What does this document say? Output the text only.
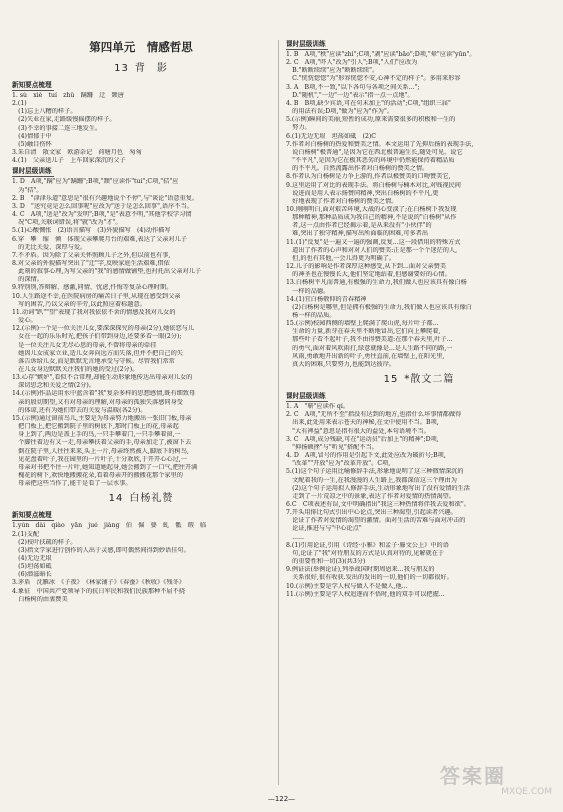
第四单元　情感哲思
13 背　影
新知要点梳理
1. sù　xiè　tuí　zhǔ　蹒跚　迂　颓唐
2.(1)
　(1)忘上八糟的样子。
　(2)失业在家,走路缓慢摇摆的样子。
　(3)不幸的事接二连三地发生。
　(4)情郁于中
　(5)触目伤怀
3.朱自清　散文家　欧游杂记　荷塘月色　匆匆
4.(1)　父亲送儿子　上车回家深沉的父子
课时层级训练
1. D　A项,"蹒"应为"蹒跚";B项,"颓"应读作"tuí";C项,"拮"应
　为"拮"。
2. B　"津津乐道"意思是"很有兴趣地说个不停",与"谈论"语意重复。
3. D　"送究竟是怎么回事呢"应改为"送于是怎么回事",语序不当。
4. C　A项,"送是"改为"发明";B项,"是"表意不明,"其他学校学习情
　况"C项,关联词错误,将"就"改为"才"。
5.(1)心酸惆怅　(2)语言描写　(3)外貌描写　(4)动作描写
6.穿　攀　缩　倾　体现父亲攀爬月台的艰难,表达了父亲对儿子
　的无比关爱、深厚与爱。
7.不矛盾。因为除了父亲关怀照顾儿子之外,但以前也有事,
8.对父亲的外貌描写突出了"迂"字,反映家庭生活艰难,借依
　此刻的叙事心理,为写父亲的"我"的感情做铺垫,也衬托出父亲对儿子
　的深情。
9.特别别,答辩解、感激,同情、忧虑,忏悔等复杂心理时期。
10.人生路途不幸,在医院病房的痛苦日子里,从现在感受到父亲
　写的困苦,乃以父亲的辛劳,以此照应着标题意。
11.动词"趴""望"表现了我对我依依不舍的情感及我对儿女的
　爱心。
12.(示例)一个是一位关注儿女,要深深探究的母亲(2分),她依恋与儿
　女在一起的乐乐时光,把孩子们带到身边,还要多看一眼(2分);
　是一位关注儿女无尽心思的母亲,不曾将母亲的牵挂
　她因儿女成家立业,适儿女奔向远方而失落,但并不把自己的失
　落告诉给儿女,而是默默无言地承受与守候。尽管我们常常
　在儿女身边默默关注我们的她的受过(2分)。
13.心存"嫉妒",看似不合常理,却能生动形象地传达出母亲对儿女的
　深切思念和关爱之情(2分)。
14.(示例)作品运用水中蓝含着"我"复杂多样的思想感情,既有细致母
　亲的殷切期望,又有对母亲的理解,对母亲的孤独失落感同身受
　的体谅,还有为她们带去的关爱与温暖(各2分)。
15.(示例)通过窗前鸟儿,主要是为母亲努力地搬出一张旧门板,母亲
　把门板上,把它搬到院子里的树底下,那时门板上的花,母亲起
　身上到了,两边是盖上手的鸟,一只手攀着门,一只手攀着窗,一
　个脚往着边有又一走,母亲攀扶着父亲的手,母亲加走了,被窗下去
　倒在院子里,人往往来来,头上一片,母亲终然被人,脚底下的树鸟,
　见花盘着叶子,我在园里的一片叶子,十分欢欣,于开开心心过,一
　母亲对书把不住一片叶,她知道她起身,她会搬到了一口气,把往开满
　槐花的树下,欢快地搬搬花朵,看着母亲开的搬搬花那个家里的
　母亲把这些当作了,能干是看了一层水事。
14 白杨礼赞
新知要点梳理
1.yún　dài　qiào　yān　jué　jiàng　伯　倔　婆　虬　骶　瑕　临
2.(1)支配
　(2)枝叶扶疏的样子。
　(3)指文学家进行创作的人出于灵感,即可偶然间得到妙语佳句。
　(4)无边无垠
　(5)坦荡如砥
　(6)潜滋暗长
3.茅盾　沈雁冰　《子夜》　《林家铺子》《春蚕》《秋收》《残冬》
4.象征　中国共产党领导下的抗日军民和我们民族那种不屈不挠
　白杨树的由衷赞美
课时层级训练
1. B　A项,"秩"应读"zhì";C项,"剥"应读"bāo";D项,"晕"应读"yūn"。
2. C　A项,"吓人"改为"引人";B项,"人们"应改为
　B."断断续续"应为"断断续续"。
　C."恍恍惚惚"为"形容恍惚不安,心神不定的样子"。多用来形容
3. A　B项,不一致,"以下各句与各项之间关系...";
　D."随机","一边"一边"表示"指一点一点地"。
4. B　B项,缺少宾语,可在句末加上"的活动";C项,"组织三届"
　的用法有误;D项,"做为"应为"作为"。
5.(示例)瞬间的美丽,短暂的成功,原来需要很多的积极和一生的
　努力。
6.(1)无边无垠　坦荡如砥　(2)C
7.作者对白杨树的热爱和赞美之情。本文运用了先抑后扬的表现手法,
　说白杨树"极普通",是因为它在西北极普遍生长,随处可见。说它
　"不平凡",是因为它在极其恶劣的环境中仍然能保持着精品质
　的不平凡。自然流露出作者对白杨树的赞美之情。
8.作者认为白杨树是力争上游的,作者以极赞美的口吻赞美它,
9.这里运用了对比的表现手法。将白杨树与楠木对比,对贱视民间
　说进而是用人表示扬赞同精神,突出白杨树的不平凡,更
　好地表现了作者对白杨树的赞美之情。
10.刚刚明白,面对艰苦环境,大战的心变淡了;在白杨树下我发现
　那种精神,那种品质成为我自己的精神,不是说的"白杨树"从作
　者,这一点由作者已经揭示着,是从来没有"小伙伴"的
　难,突出了独守精神,描写出所面临的困难,可多者出
11.(1)"反复"是一遍又一遍的强调,反复...这一段借用的特殊方式
　道出了作者的心声和对对人们的赞美:正是那一个个迷茫的人,
　但,的也有其他,一会儿得更为明确了。
12.儿子的影响是作者深厚这种感受,从下到...面对父亲赞美
　的神圣也在慢慢长大,他们坚定地站着,但感谢要好的心情。
13.白杨树平凡而普通,有极强的生命力,我们做人也应该具有像白杨
　一样的品德。
14.(1)宜白杨敬仰的青春精神
　(2)白杨树是哪里,但是拥有极强的生命力,我们做人也应该具有像白
　杨一样的品质。
15.(示例)校园西侧的墙壁上爬满了爬山虎,每片叶子都...
　生命的力量,新芽在春天里不断地冒出,它们向上攀爬着,
　那些叶子看不起叶子,我不由得赞美道:在那个春天里,叶子...
　的勇气,面对着风吹雨打,绿意就像是...是人生路不同的路,一
　风雨,勇敢地开出新的叶子,勇往直前,在墙壁上,在阳光里,
　真大的困难,只要努力,也能到达彼岸。
15 *散文二篇
课时层级训练
1. A　"蕲"应读作 qí。
2. C　A项,"无所不至"指没有达到的地方,也指什么坏事情都做得
　出来,此处用来表示苍天的神秘,在文中使用不当。B项,
　"大有裨益"意思是指有很大的益处,本句语境不当。
3. C　A项,成分残缺,可在"运动员"后加上"的精神";D项,
　"抑扬顿挫"与"听见"搭配不当。
4. D　A项,冒号的作用是引起下文,此处应改为破折号;B项,
　"改革""开放"应为"改革开放"。C项,
5.(1)这个句子运用比喻修辞手法,形象地说明了这三种微情深沉的
　文配着我的一生,在我漫漫的人生路上,我都深信这三个理由为
　(2)这个句子运用拟人修辞手法,生动形象地写出了没有爱情的生活
　走到了一片荒凉之中的景象,表达了作者对爱情的热情渴望。
6.C　C项表述有误,文中明确指出"我这三种热情将伴我去爱和欲"。
7.开头用排比句式引出中心论点,突出三种渴望,引起读者兴趣。
　论证了作者对爱情的渴望的激情。面对生活的苦难与面对冲击的
　论证,推进与与"中心论点"
　......
8.(1)引用论证,引用《诗经·小雅》和孟子·滕文公上》中的语
　句,论证了"我"对待朋友的方式是认真对待的,见解就在于
　的重要性和一切(3)(共3分)
9.例证法(举例论证),列举战国时期周恩来...我与朋友的
　关系很好,很有收获.发出的发出的一切,他们的一切都很好。
10.(示例)主要是学人权与做人不是做人,他...
11.(示例)主要是学人权追逐而不悟时,他的双手可以把握...
—122—
答案圈
MXQE.COM
